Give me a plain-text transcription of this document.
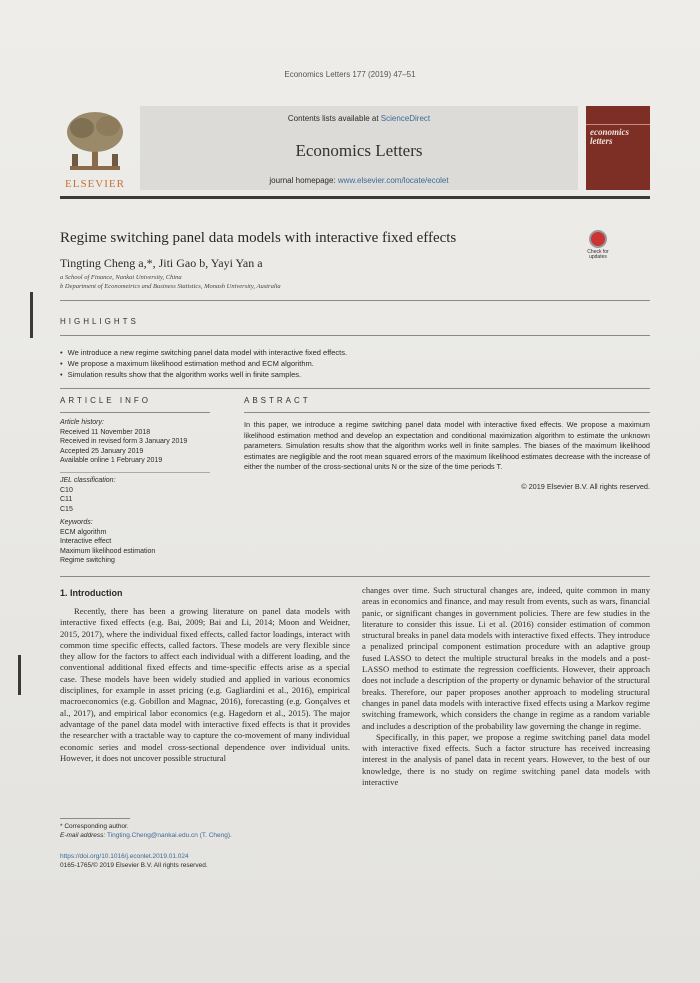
Economics Letters 177 (2019) 47–51
ELSEVIER
Contents lists available at ScienceDirect
Economics Letters
journal homepage: www.elsevier.com/locate/ecolet
economics
letters
Regime switching panel data models with interactive fixed effects
Check for updates
Tingting Cheng a,*, Jiti Gao b, Yayi Yan a
a School of Finance, Nankai University, China
b Department of Econometrics and Business Statistics, Monash University, Australia
HIGHLIGHTS
• We introduce a new regime switching panel data model with interactive fixed effects.
• We propose a maximum likelihood estimation method and ECM algorithm.
• Simulation results show that the algorithm works well in finite samples.
ARTICLE INFO	ABSTRACT
Article history:
Received 11 November 2018
Received in revised form 3 January 2019
Accepted 25 January 2019
Available online 1 February 2019
JEL classification:
C10
C11
C15
Keywords:
ECM algorithm
Interactive effect
Maximum likelihood estimation
Regime switching
In this paper, we introduce a regime switching panel data model with interactive fixed effects. We propose a maximum likelihood estimation method and develop an expectation and conditional maximization algorithm to estimate the unknown parameters. Simulation results show that the algorithm works well in finite samples. The biases of the maximum likelihood estimates are negligible and the root mean squared errors of the maximum likelihood estimates decrease with the increase of either the number of the cross-sectional units N or the size of the time periods T.
© 2019 Elsevier B.V. All rights reserved.
1. Introduction

Recently, there has been a growing literature on panel data models with interactive fixed effects (e.g. Bai, 2009; Bai and Li, 2014; Moon and Weidner, 2015, 2017), where the individual fixed effects, called factor loadings, interact with common time specific effects, called factors. These models are very flexible since they allow for the factors to affect each individual with a different loading, and the conventional additional fixed effects and time-specific effects arise as a special case. These models have been widely studied and applied in various economics disciplines, for example in asset pricing (e.g. Gagliardini et al., 2016), empirical macroeconomics (e.g. Gobillon and Magnac, 2016), forecasting (e.g. Gonçalves et al., 2017), and empirical labor economics (e.g. Hagedorn et al., 2015). The major advantage of the panel data model with interactive fixed effects is that it provides the researcher with a tractable way to capture the co-movement of many individual economic series and model cross-sectional dependence over individual units. However, it does not uncover possible structural

changes over time. Such structural changes are, indeed, quite common in many areas in economics and finance, and may result from events, such as wars, financial panic, or significant changes in government policies. There are few studies in the literature to consider this issue. Li et al. (2016) consider estimation of common structural breaks in panel data models with interactive fixed effects. They introduce a penalized principal component estimation procedure with an adaptive group fused LASSO to detect the multiple structural breaks in the models and a post-LASSO method to estimate the regression coefficients. However, their approach does not include a description of the property or dynamic behavior of the structural breaks. Therefore, our paper proposes another approach to modeling structural changes in panel data models with interactive fixed effects using a Markov regime switching framework, which considers the change in regime as a random variable and includes a description of the probability law governing the change in regime.

Specifically, in this paper, we propose a regime switching panel data model with interactive fixed effects. Such a factor structure has received increasing interest in the analysis of panel data in recent years. However, to the best of our knowledge, there is no study on regime switching panel data models with interactive

* Corresponding author.
E-mail address: Tingting.Cheng@nankai.edu.cn (T. Cheng).
https://doi.org/10.1016/j.econlet.2019.01.024
0165-1765/© 2019 Elsevier B.V. All rights reserved.
